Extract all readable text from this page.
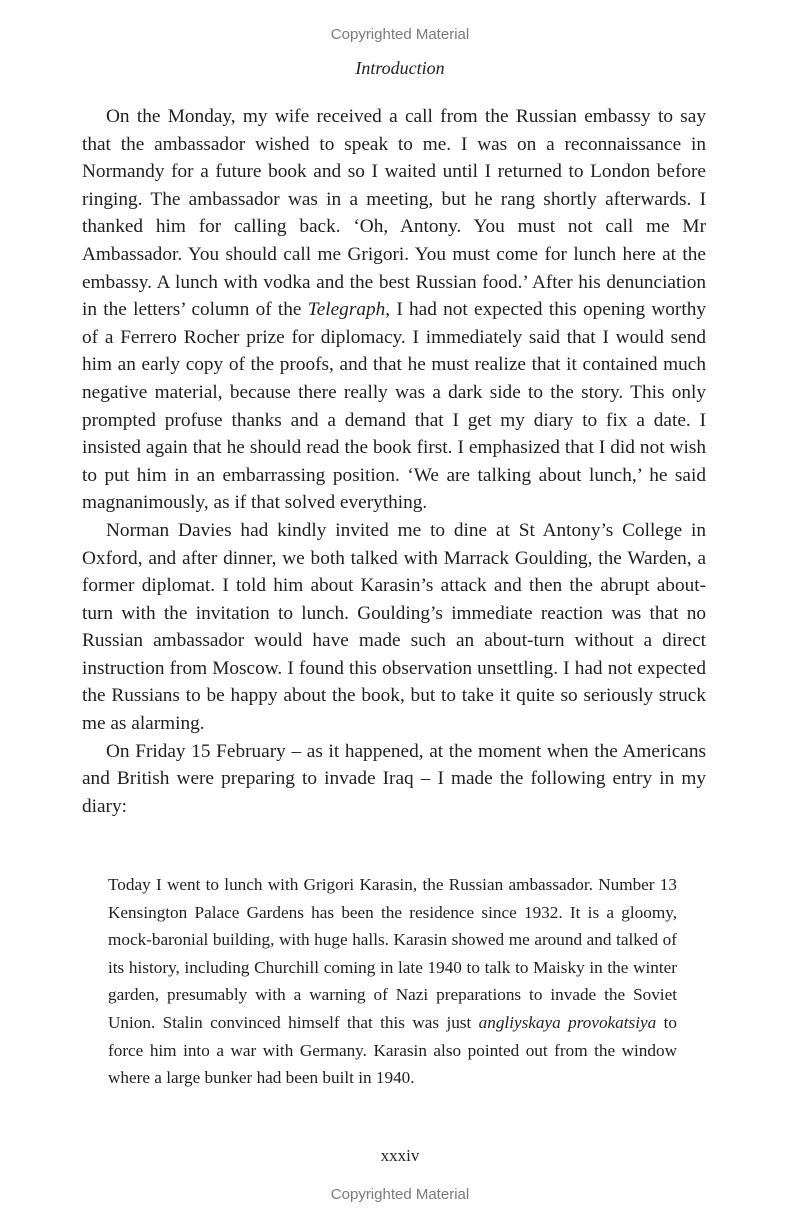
Copyrighted Material
Introduction

On the Monday, my wife received a call from the Russian embassy to say that the ambassador wished to speak to me. I was on a reconnaissance in Normandy for a future book and so I waited until I returned to London before ringing. The ambassador was in a meeting, but he rang shortly afterwards. I thanked him for calling back. ‘Oh, Antony. You must not call me Mr Ambassador. You should call me Grigori. You must come for lunch here at the embassy. A lunch with vodka and the best Russian food.’ After his denunciation in the letters’ column of the Telegraph, I had not expected this opening worthy of a Ferrero Rocher prize for diplomacy. I immediately said that I would send him an early copy of the proofs, and that he must realize that it contained much negative material, because there really was a dark side to the story. This only prompted profuse thanks and a demand that I get my diary to fix a date. I insisted again that he should read the book first. I emphasized that I did not wish to put him in an embarrassing position. ‘We are talking about lunch,’ he said magnanimously, as if that solved everything.

Norman Davies had kindly invited me to dine at St Antony’s College in Oxford, and after dinner, we both talked with Marrack Goulding, the Warden, a former diplomat. I told him about Karasin’s attack and then the abrupt about-turn with the invitation to lunch. Goulding’s immediate reaction was that no Russian ambassador would have made such an about-turn without a direct instruction from Moscow. I found this observation unsettling. I had not expected the Russians to be happy about the book, but to take it quite so seriously struck me as alarming.

On Friday 15 February – as it happened, at the moment when the Americans and British were preparing to invade Iraq – I made the following entry in my diary:

Today I went to lunch with Grigori Karasin, the Russian ambassador. Number 13 Kensington Palace Gardens has been the residence since 1932. It is a gloomy, mock-baronial building, with huge halls. Karasin showed me around and talked of its history, including Churchill coming in late 1940 to talk to Maisky in the winter garden, presumably with a warning of Nazi preparations to invade the Soviet Union. Stalin convinced himself that this was just angliyskaya provokatsiya to force him into a war with Germany. Karasin also pointed out from the window where a large bunker had been built in 1940.

xxxiv
Copyrighted Material
